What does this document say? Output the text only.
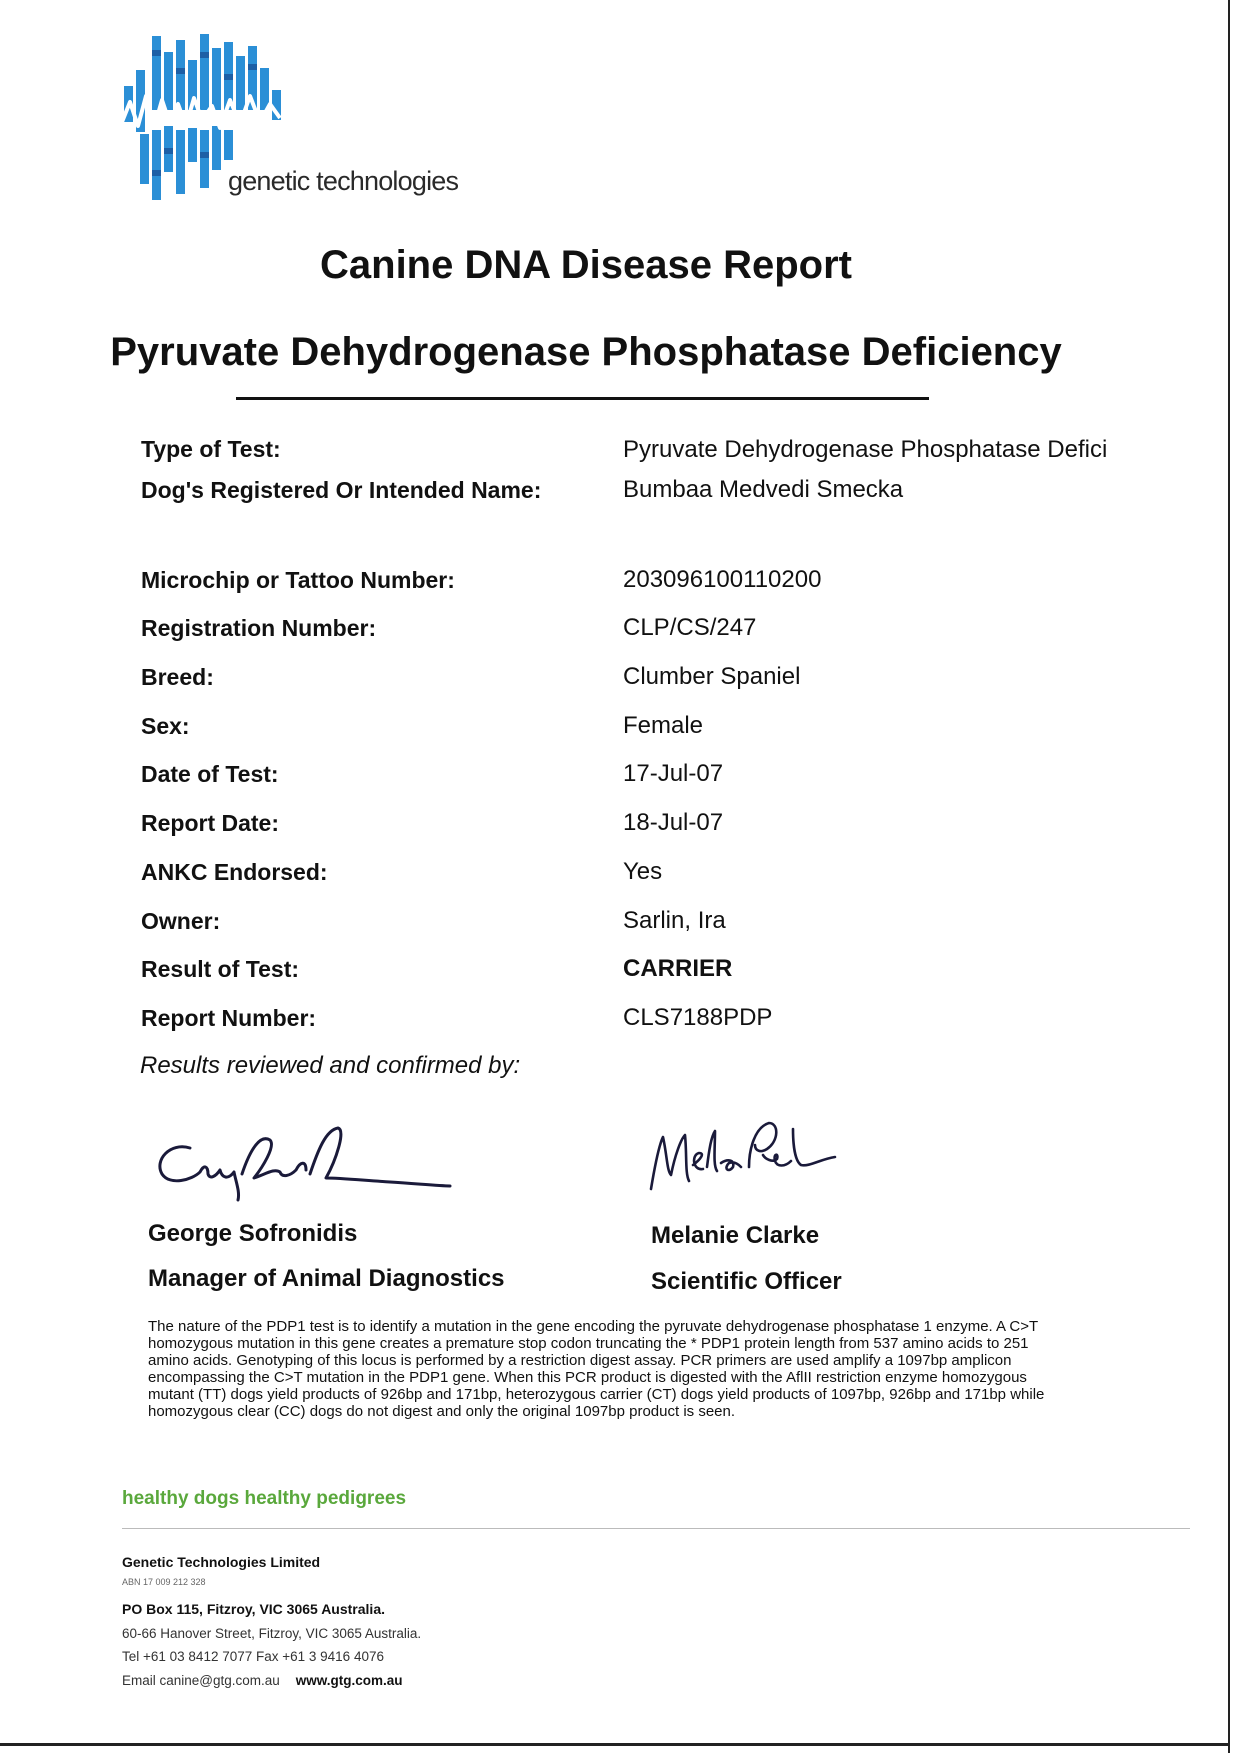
genetic technologies
Canine DNA Disease Report
Pyruvate Dehydrogenase Phosphatase Deficiency
Type of Test:	Pyruvate Dehydrogenase Phosphatase Defici
Dog's Registered Or Intended Name:	Bumbaa Medvedi Smecka
Microchip or Tattoo Number:	203096100110200
Registration Number:	CLP/CS/247
Breed:	Clumber Spaniel
Sex:	Female
Date of Test:	17-Jul-07
Report Date:	18-Jul-07
ANKC Endorsed:	Yes
Owner:	Sarlin, Ira
Result of Test:	CARRIER
Report Number:	CLS7188PDP
Results reviewed and confirmed by:
George Sofronidis
Manager of Animal Diagnostics
Melanie Clarke
Scientific Officer
The nature of the PDP1 test is to identify a mutation in the gene encoding the pyruvate dehydrogenase phosphatase 1 enzyme. A C>T homozygous mutation in this gene creates a premature stop codon truncating the * PDP1 protein length from 537 amino acids to 251 amino acids. Genotyping of this locus is performed by a restriction digest assay. PCR primers are used amplify a 1097bp amplicon encompassing the C>T mutation in the PDP1 gene. When this PCR product is digested with the AflII restriction enzyme homozygous mutant (TT) dogs yield products of 926bp and 171bp, heterozygous carrier (CT) dogs yield products of 1097bp, 926bp and 171bp while homozygous clear (CC) dogs do not digest and only the original 1097bp product is seen.
healthy dogs healthy pedigrees
Genetic Technologies Limited
ABN 17 009 212 328
PO Box 115, Fitzroy, VIC 3065 Australia.
60-66 Hanover Street, Fitzroy, VIC 3065 Australia.
Tel +61 03 8412 7077 Fax +61 3 9416 4076
Email canine@gtg.com.au www.gtg.com.au
